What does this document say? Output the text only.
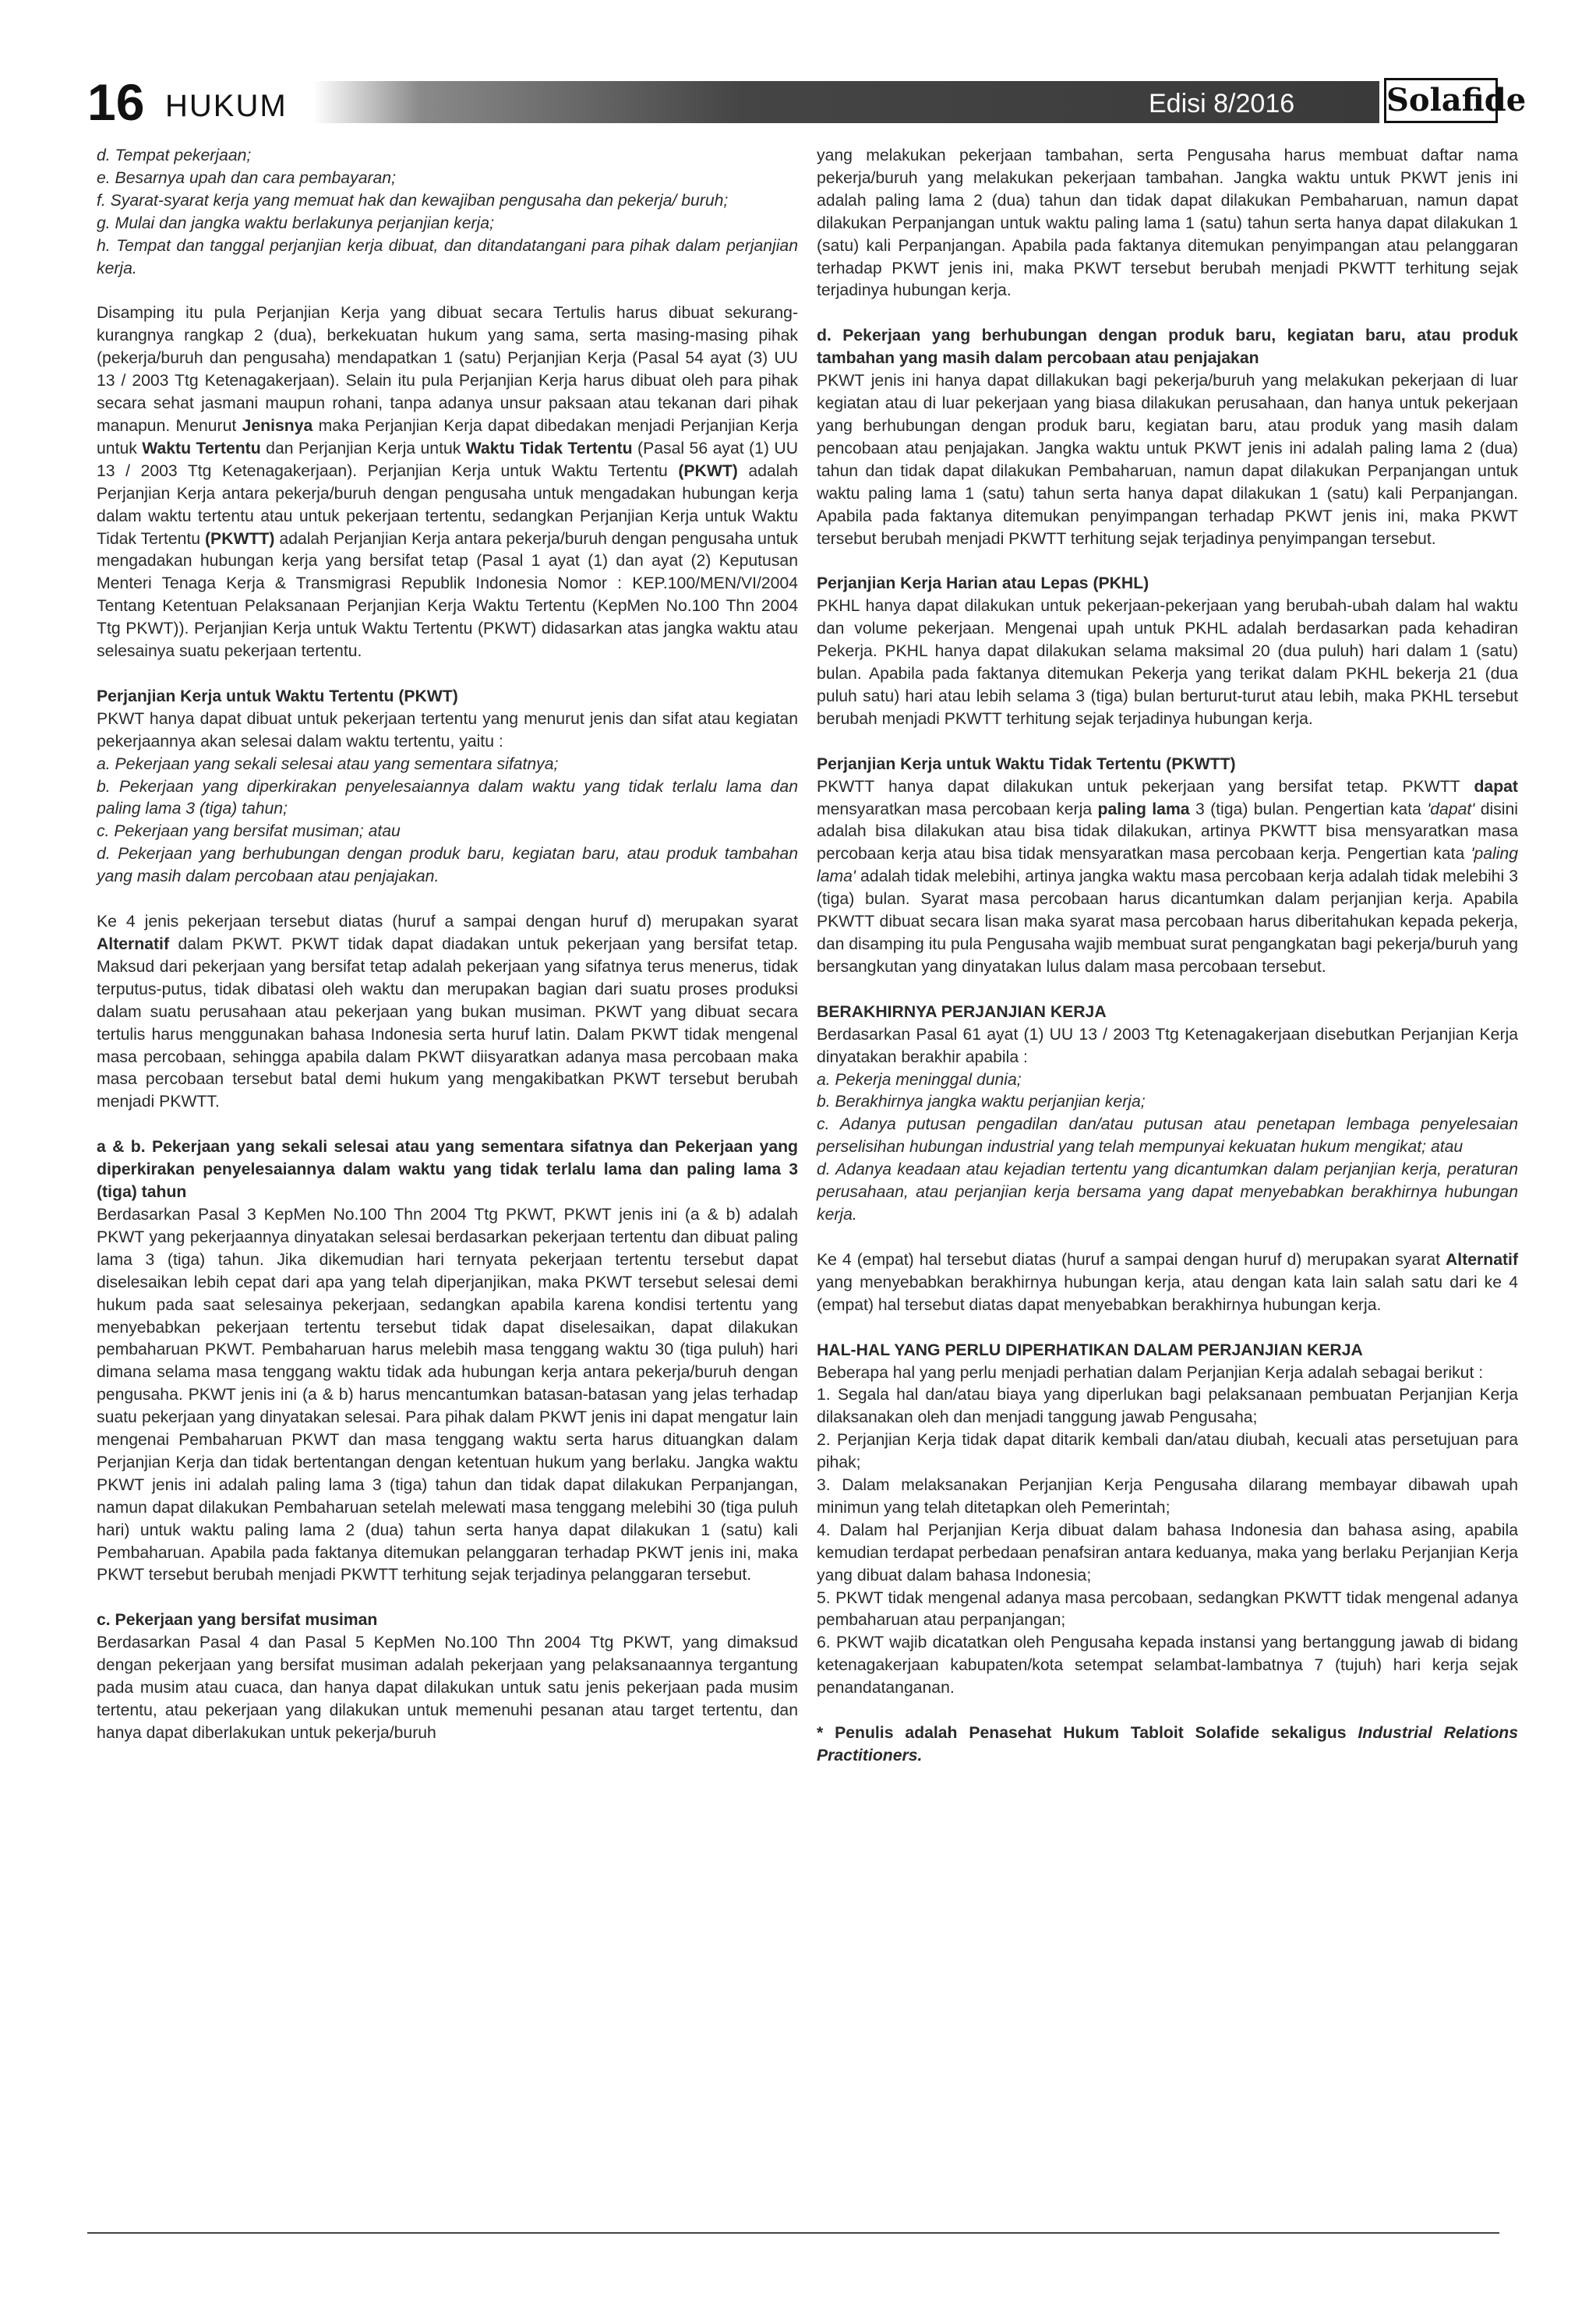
16 HUKUM	Edisi 8/2016	Solafide

d. Tempat pekerjaan;

e. Besarnya upah dan cara pembayaran;

f. Syarat-syarat kerja yang memuat hak dan kewajiban pengusaha dan pekerja/ buruh;

g. Mulai dan jangka waktu berlakunya perjanjian kerja;

h. Tempat dan tanggal perjanjian kerja dibuat, dan ditandatangani para pihak dalam perjanjian kerja.

Disamping itu pula Perjanjian Kerja yang dibuat secara Tertulis harus dibuat sekurang-kurangnya rangkap 2 (dua), berkekuatan hukum yang sama, serta masing-masing pihak (pekerja/buruh dan pengusaha) mendapatkan 1 (satu) Perjanjian Kerja (Pasal 54 ayat (3) UU 13 / 2003 Ttg Ketenagakerjaan). Selain itu pula Perjanjian Kerja harus dibuat oleh para pihak secara sehat jasmani maupun rohani, tanpa adanya unsur paksaan atau tekanan dari pihak manapun. Menurut Jenisnya maka Perjanjian Kerja dapat dibedakan menjadi Perjanjian Kerja untuk Waktu Tertentu dan Perjanjian Kerja untuk Waktu Tidak Tertentu (Pasal 56 ayat (1) UU 13 / 2003 Ttg Ketenagakerjaan). Perjanjian Kerja untuk Waktu Tertentu (PKWT) adalah Perjanjian Kerja antara pekerja/buruh dengan pengusaha untuk mengadakan hubungan kerja dalam waktu tertentu atau untuk pekerjaan tertentu, sedangkan Perjanjian Kerja untuk Waktu Tidak Tertentu (PKWTT) adalah Perjanjian Kerja antara pekerja/buruh dengan pengusaha untuk mengadakan hubungan kerja yang bersifat tetap (Pasal 1 ayat (1) dan ayat (2) Keputusan Menteri Tenaga Kerja & Transmigrasi Republik Indonesia Nomor : KEP.100/MEN/VI/2004 Tentang Ketentuan Pelaksanaan Perjanjian Kerja Waktu Tertentu (KepMen No.100 Thn 2004 Ttg PKWT)). Perjanjian Kerja untuk Waktu Tertentu (PKWT) didasarkan atas jangka waktu atau selesainya suatu pekerjaan tertentu.

Perjanjian Kerja untuk Waktu Tertentu (PKWT)

PKWT hanya dapat dibuat untuk pekerjaan tertentu yang menurut jenis dan sifat atau kegiatan pekerjaannya akan selesai dalam waktu tertentu, yaitu :

a. Pekerjaan yang sekali selesai atau yang sementara sifatnya;

b. Pekerjaan yang diperkirakan penyelesaiannya dalam waktu yang tidak terlalu lama dan paling lama 3 (tiga) tahun;

c. Pekerjaan yang bersifat musiman; atau

d. Pekerjaan yang berhubungan dengan produk baru, kegiatan baru, atau produk tambahan yang masih dalam percobaan atau penjajakan.

Ke 4 jenis pekerjaan tersebut diatas (huruf a sampai dengan huruf d) merupakan syarat Alternatif dalam PKWT. PKWT tidak dapat diadakan untuk pekerjaan yang bersifat tetap. Maksud dari pekerjaan yang bersifat tetap adalah pekerjaan yang sifatnya terus menerus, tidak terputus-putus, tidak dibatasi oleh waktu dan merupakan bagian dari suatu proses produksi dalam suatu perusahaan atau pekerjaan yang bukan musiman. PKWT yang dibuat secara tertulis harus menggunakan bahasa Indonesia serta huruf latin. Dalam PKWT tidak mengenal masa percobaan, sehingga apabila dalam PKWT diisyaratkan adanya masa percobaan maka masa percobaan tersebut batal demi hukum yang mengakibatkan PKWT tersebut berubah menjadi PKWTT.

a & b. Pekerjaan yang sekali selesai atau yang sementara sifatnya dan Pekerjaan yang diperkirakan penyelesaiannya dalam waktu yang tidak terlalu lama dan paling lama 3 (tiga) tahun

Berdasarkan Pasal 3 KepMen No.100 Thn 2004 Ttg PKWT, PKWT jenis ini (a & b) adalah PKWT yang pekerjaannya dinyatakan selesai berdasarkan pekerjaan tertentu dan dibuat paling lama 3 (tiga) tahun. Jika dikemudian hari ternyata pekerjaan tertentu tersebut dapat diselesaikan lebih cepat dari apa yang telah diperjanjikan, maka PKWT tersebut selesai demi hukum pada saat selesainya pekerjaan, sedangkan apabila karena kondisi tertentu yang menyebabkan pekerjaan tertentu tersebut tidak dapat diselesaikan, dapat dilakukan pembaharuan PKWT. Pembaharuan harus melebih masa tenggang waktu 30 (tiga puluh) hari dimana selama masa tenggang waktu tidak ada hubungan kerja antara pekerja/buruh dengan pengusaha. PKWT jenis ini (a & b) harus mencantumkan batasan-batasan yang jelas terhadap suatu pekerjaan yang dinyatakan selesai. Para pihak dalam PKWT jenis ini dapat mengatur lain mengenai Pembaharuan PKWT dan masa tenggang waktu serta harus dituangkan dalam Perjanjian Kerja dan tidak bertentangan dengan ketentuan hukum yang berlaku. Jangka waktu PKWT jenis ini adalah paling lama 3 (tiga) tahun dan tidak dapat dilakukan Perpanjangan, namun dapat dilakukan Pembaharuan setelah melewati masa tenggang melebihi 30 (tiga puluh hari) untuk waktu paling lama 2 (dua) tahun serta hanya dapat dilakukan 1 (satu) kali Pembaharuan. Apabila pada faktanya ditemukan pelanggaran terhadap PKWT jenis ini, maka PKWT tersebut berubah menjadi PKWTT terhitung sejak terjadinya pelanggaran tersebut.

c. Pekerjaan yang bersifat musiman

Berdasarkan Pasal 4 dan Pasal 5 KepMen No.100 Thn 2004 Ttg PKWT, yang dimaksud dengan pekerjaan yang bersifat musiman adalah pekerjaan yang pelaksanaannya tergantung pada musim atau cuaca, dan hanya dapat dilakukan untuk satu jenis pekerjaan pada musim tertentu, atau pekerjaan yang dilakukan untuk memenuhi pesanan atau target tertentu, dan hanya dapat diberlakukan untuk pekerja/buruh

yang melakukan pekerjaan tambahan, serta Pengusaha harus membuat daftar nama pekerja/buruh yang melakukan pekerjaan tambahan. Jangka waktu untuk PKWT jenis ini adalah paling lama 2 (dua) tahun dan tidak dapat dilakukan Pembaharuan, namun dapat dilakukan Perpanjangan untuk waktu paling lama 1 (satu) tahun serta hanya dapat dilakukan 1 (satu) kali Perpanjangan. Apabila pada faktanya ditemukan penyimpangan atau pelanggaran terhadap PKWT jenis ini, maka PKWT tersebut berubah menjadi PKWTT terhitung sejak terjadinya hubungan kerja.

d. Pekerjaan yang berhubungan dengan produk baru, kegiatan baru, atau produk tambahan yang masih dalam percobaan atau penjajakan

PKWT jenis ini hanya dapat dillakukan bagi pekerja/buruh yang melakukan pekerjaan di luar kegiatan atau di luar pekerjaan yang biasa dilakukan perusahaan, dan hanya untuk pekerjaan yang berhubungan dengan produk baru, kegiatan baru, atau produk yang masih dalam pencobaan atau penjajakan. Jangka waktu untuk PKWT jenis ini adalah paling lama 2 (dua) tahun dan tidak dapat dilakukan Pembaharuan, namun dapat dilakukan Perpanjangan untuk waktu paling lama 1 (satu) tahun serta hanya dapat dilakukan 1 (satu) kali Perpanjangan. Apabila pada faktanya ditemukan penyimpangan terhadap PKWT jenis ini, maka PKWT tersebut berubah menjadi PKWTT terhitung sejak terjadinya penyimpangan tersebut.

Perjanjian Kerja Harian atau Lepas (PKHL)

PKHL hanya dapat dilakukan untuk pekerjaan-pekerjaan yang berubah-ubah dalam hal waktu dan volume pekerjaan. Mengenai upah untuk PKHL adalah berdasarkan pada kehadiran Pekerja. PKHL hanya dapat dilakukan selama maksimal 20 (dua puluh) hari dalam 1 (satu) bulan. Apabila pada faktanya ditemukan Pekerja yang terikat dalam PKHL bekerja 21 (dua puluh satu) hari atau lebih selama 3 (tiga) bulan berturut-turut atau lebih, maka PKHL tersebut berubah menjadi PKWTT terhitung sejak terjadinya hubungan kerja.

Perjanjian Kerja untuk Waktu Tidak Tertentu (PKWTT)

PKWTT hanya dapat dilakukan untuk pekerjaan yang bersifat tetap. PKWTT dapat mensyaratkan masa percobaan kerja paling lama 3 (tiga) bulan. Pengertian kata 'dapat' disini adalah bisa dilakukan atau bisa tidak dilakukan, artinya PKWTT bisa mensyaratkan masa percobaan kerja atau bisa tidak mensyaratkan masa percobaan kerja. Pengertian kata 'paling lama' adalah tidak melebihi, artinya jangka waktu masa percobaan kerja adalah tidak melebihi 3 (tiga) bulan. Syarat masa percobaan harus dicantumkan dalam perjanjian kerja. Apabila PKWTT dibuat secara lisan maka syarat masa percobaan harus diberitahukan kepada pekerja, dan disamping itu pula Pengusaha wajib membuat surat pengangkatan bagi pekerja/buruh yang bersangkutan yang dinyatakan lulus dalam masa percobaan tersebut.

BERAKHIRNYA PERJANJIAN KERJA

Berdasarkan Pasal 61 ayat (1) UU 13 / 2003 Ttg Ketenagakerjaan disebutkan Perjanjian Kerja dinyatakan berakhir apabila :

a. Pekerja meninggal dunia;

b. Berakhirnya jangka waktu perjanjian kerja;

c. Adanya putusan pengadilan dan/atau putusan atau penetapan lembaga penyelesaian perselisihan hubungan industrial yang telah mempunyai kekuatan hukum mengikat; atau

d. Adanya keadaan atau kejadian tertentu yang dicantumkan dalam perjanjian kerja, peraturan perusahaan, atau perjanjian kerja bersama yang dapat menyebabkan berakhirnya hubungan kerja.

Ke 4 (empat) hal tersebut diatas (huruf a sampai dengan huruf d) merupakan syarat Alternatif yang menyebabkan berakhirnya hubungan kerja, atau dengan kata lain salah satu dari ke 4 (empat) hal tersebut diatas dapat menyebabkan berakhirnya hubungan kerja.

HAL-HAL YANG PERLU DIPERHATIKAN DALAM PERJANJIAN KERJA

Beberapa hal yang perlu menjadi perhatian dalam Perjanjian Kerja adalah sebagai berikut :

1. Segala hal dan/atau biaya yang diperlukan bagi pelaksanaan pembuatan Perjanjian Kerja dilaksanakan oleh dan menjadi tanggung jawab Pengusaha;

2. Perjanjian Kerja tidak dapat ditarik kembali dan/atau diubah, kecuali atas persetujuan para pihak;

3. Dalam melaksanakan Perjanjian Kerja Pengusaha dilarang membayar dibawah upah minimun yang telah ditetapkan oleh Pemerintah;

4. Dalam hal Perjanjian Kerja dibuat dalam bahasa Indonesia dan bahasa asing, apabila kemudian terdapat perbedaan penafsiran antara keduanya, maka yang berlaku Perjanjian Kerja yang dibuat dalam bahasa Indonesia;

5. PKWT tidak mengenal adanya masa percobaan, sedangkan PKWTT tidak mengenal adanya pembaharuan atau perpanjangan;

6. PKWT wajib dicatatkan oleh Pengusaha kepada instansi yang bertanggung jawab di bidang ketenagakerjaan kabupaten/kota setempat selambat-lambatnya 7 (tujuh) hari kerja sejak penandatanganan.

* Penulis adalah Penasehat Hukum Tabloit Solafide sekaligus Industrial Relations Practitioners.
